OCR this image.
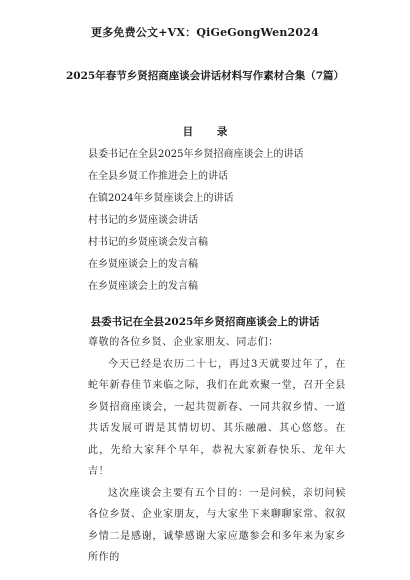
更多免费公文+VX：QiGeGongWen2024
2025年春节乡贤招商座谈会讲话材料写作素材合集（7篇）
目 录
县委书记在全县2025年乡贤招商座谈会上的讲话
在全县乡贤工作推进会上的讲话
在镇2024年乡贤座谈会上的讲话
村书记的乡贤座谈会讲话
村书记的乡贤座谈会发言稿
在乡贤座谈会上的发言稿
在乡贤座谈会上的发言稿
县委书记在全县2025年乡贤招商座谈会上的讲话

尊敬的各位乡贤、企业家朋友、同志们：

今天已经是农历二十七，再过3天就要过年了，在蛇年新春佳节来临之际，我们在此欢聚一堂，召开全县乡贤招商座谈会，一起共贺新春、一同共叙乡情、一道共话发展可谓是其情切切、其乐融融、其心悠悠。在此，先给大家拜个早年，恭祝大家新春快乐、龙年大吉！

这次座谈会主要有五个目的：一是问候，亲切问候各位乡贤、企业家朋友，与大家坐下来聊聊家常、叙叙乡情二是感谢，诚挚感谢大家应邀参会和多年来为家乡所作的
